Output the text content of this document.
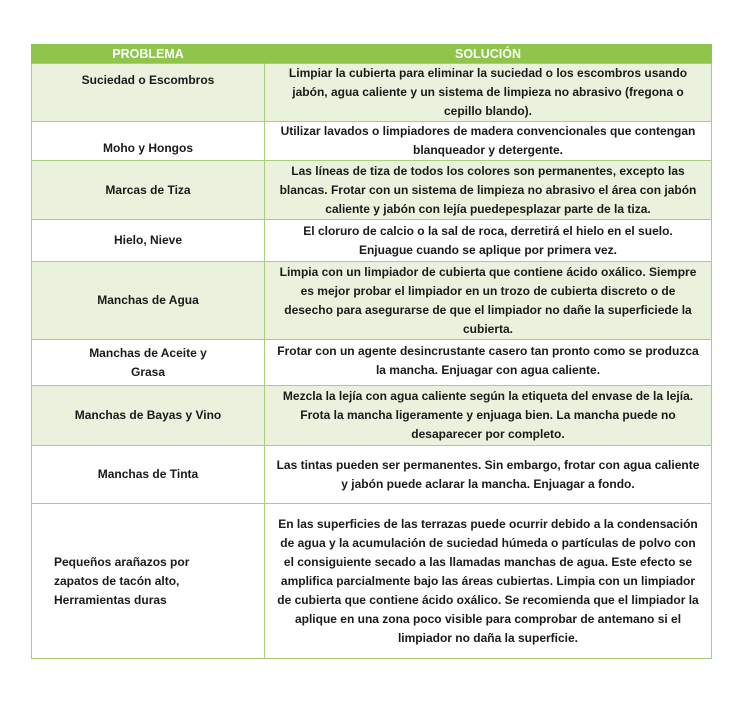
PROBLEMA	SOLUCIÓN
Suciedad o Escombros	Limpiar la cubierta para eliminar la suciedad o los escombros usando jabón, agua caliente y un sistema de limpieza no abrasivo (fregona o cepillo blando).
Moho y Hongos	Utilizar lavados o limpiadores de madera convencionales que contengan blanqueador y detergente.
Marcas de Tiza	Las líneas de tiza de todos los colores son permanentes, excepto las blancas. Frotar con un sistema de limpieza no abrasivo el área con jabón caliente y jabón con lejía puedepesplazar parte de la tiza.
Hielo, Nieve	El cloruro de calcio o la sal de roca, derretirá el hielo en el suelo. Enjuague cuando se aplique por primera vez.
Manchas de Agua	Limpia con un limpiador de cubierta que contiene ácido oxálico. Siempre es mejor probar el limpiador en un trozo de cubierta discreto o de desecho para asegurarse de que el limpiador no dañe la superficiede la cubierta.
Manchas de Aceite y Grasa	Frotar con un agente desincrustante casero tan pronto como se produzca la mancha. Enjuagar con agua caliente.
Manchas de Bayas y Vino	Mezcla la lejía con agua caliente según la etiqueta del envase de la lejía. Frota la mancha ligeramente y enjuaga bien. La mancha puede no desaparecer por completo.
Manchas de Tinta	Las tintas pueden ser permanentes. Sin embargo, frotar con agua caliente y jabón puede aclarar la mancha. Enjuagar a fondo.
Pequeños arañazos por zapatos de tacón alto, Herramientas duras	En las superficies de las terrazas puede ocurrir debido a la condensación de agua y la acumulación de suciedad húmeda o partículas de polvo con el consiguiente secado a las llamadas manchas de agua. Este efecto se amplifica parcialmente bajo las áreas cubiertas. Limpia con un limpiador de cubierta que contiene ácido oxálico. Se recomienda que el limpiador la aplique en una zona poco visible para comprobar de antemano si el limpiador no daña la superficie.
